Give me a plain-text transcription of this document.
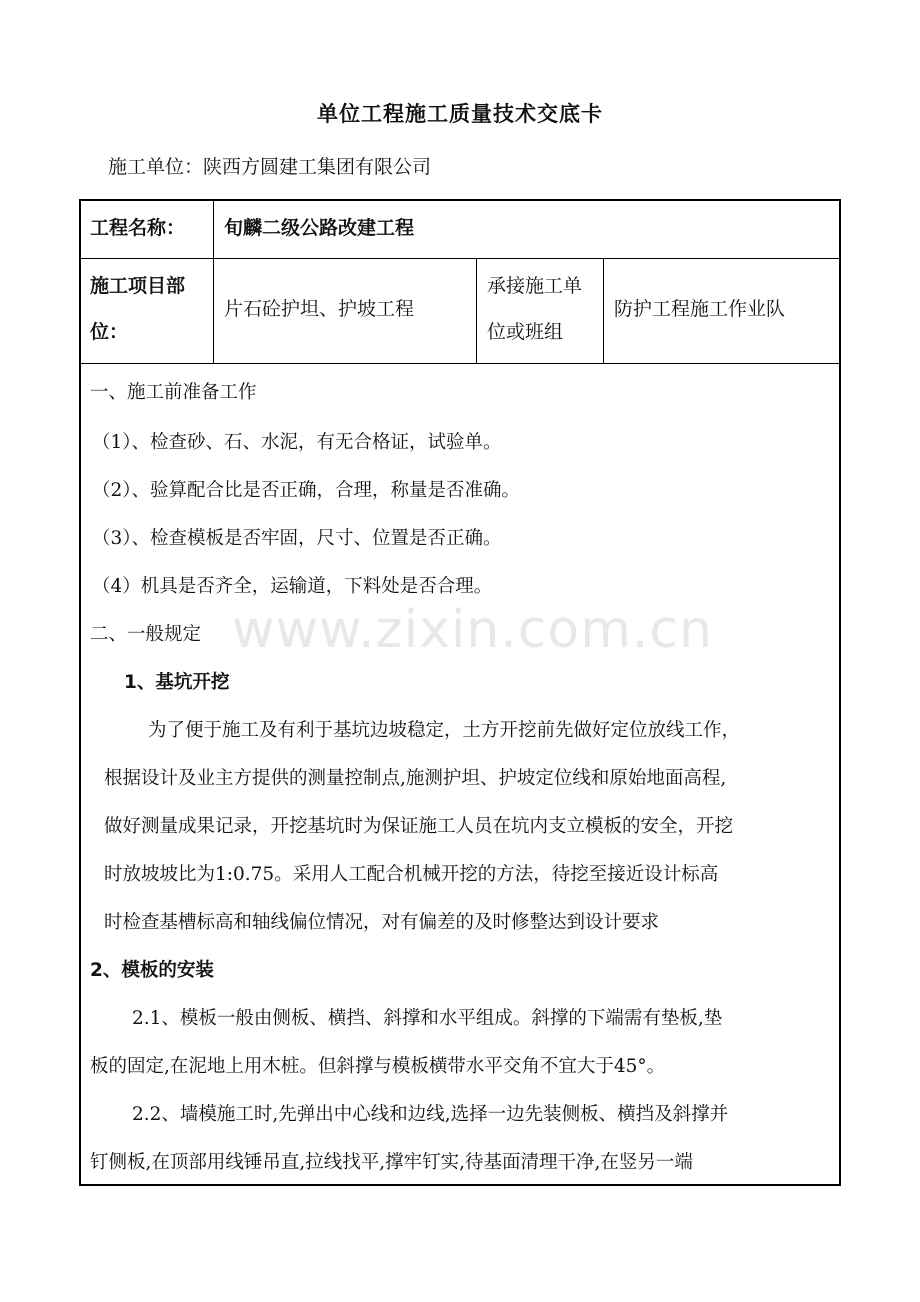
单位工程施工质量技术交底卡
施工单位：陕西方圆建工集团有限公司
工程名称： 旬麟二级公路改建工程
施工项目部
位：
片石砼护坦、护坡工程
承接施工单
位或班组
防护工程施工作业队
www.zixin.com.cn
一、施工前准备工作
（1）、检查砂、石、水泥，有无合格证，试验单。
（2）、验算配合比是否正确，合理，称量是否准确。
（3）、检查模板是否牢固，尺寸、位置是否正确。
（4）机具是否齐全，运输道，下料处是否合理。
二、一般规定
1、基坑开挖
为了便于施工及有利于基坑边坡稳定，土方开挖前先做好定位放线工作，
根据设计及业主方提供的测量控制点,施测护坦、护坡定位线和原始地面高程,
做好测量成果记录，开挖基坑时为保证施工人员在坑内支立模板的安全，开挖
时放坡坡比为1:0.75。采用人工配合机械开挖的方法，待挖至接近设计标高
时检查基槽标高和轴线偏位情况，对有偏差的及时修整达到设计要求
2、模板的安装
2.1、模板一般由侧板、横挡、斜撑和水平组成。斜撑的下端需有垫板,垫
板的固定,在泥地上用木桩。但斜撑与模板横带水平交角不宜大于45°。
2.2、墙模施工时,先弹出中心线和边线,选择一边先装侧板、横挡及斜撑并
钉侧板,在顶部用线锤吊直,拉线找平,撑牢钉实,待基面清理干净,在竖另一端
